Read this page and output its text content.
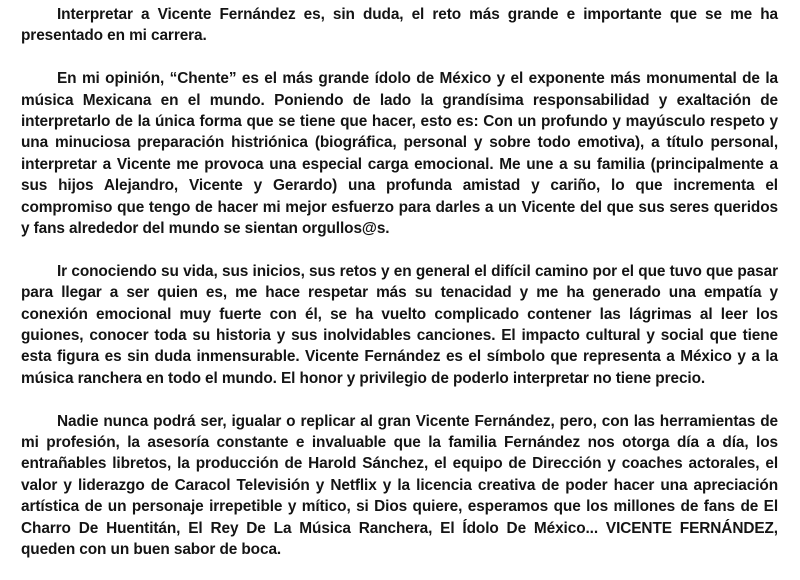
Interpretar a Vicente Fernández es, sin duda, el reto más grande e importante que se me ha presentado en mi carrera.

En mi opinión, “Chente” es el más grande ídolo de México y el exponente más monumental de la música Mexicana en el mundo. Poniendo de lado la grandísima responsabilidad y exaltación de interpretarlo de la única forma que se tiene que hacer, esto es: Con un profundo y mayúsculo respeto y una minuciosa preparación histriónica (biográfica, personal y sobre todo emotiva), a título personal, interpretar a Vicente me provoca una especial carga emocional. Me une a su familia (principalmente a sus hijos Alejandro, Vicente y Gerardo) una profunda amistad y cariño, lo que incrementa el compromiso que tengo de hacer mi mejor esfuerzo para darles a un Vicente del que sus seres queridos y fans alrededor del mundo se sientan orgullos@s.

Ir conociendo su vida, sus inicios, sus retos y en general el difícil camino por el que tuvo que pasar para llegar a ser quien es, me hace respetar más su tenacidad y me ha generado una empatía y conexión emocional muy fuerte con él, se ha vuelto complicado contener las lágrimas al leer los guiones, conocer toda su historia y sus inolvidables canciones. El impacto cultural y social que tiene esta figura es sin duda inmensurable. Vicente Fernández es el símbolo que representa a México y a la música ranchera en todo el mundo. El honor y privilegio de poderlo interpretar no tiene precio.

Nadie nunca podrá ser, igualar o replicar al gran Vicente Fernández, pero, con las herramientas de mi profesión, la asesoría constante e invaluable que la familia Fernández nos otorga día a día, los entrañables libretos, la producción de Harold Sánchez, el equipo de Dirección y coaches actorales, el valor y liderazgo de Caracol Televisión y Netflix y la licencia creativa de poder hacer una apreciación artística de un personaje irrepetible y mítico, si Dios quiere, esperamos que los millones de fans de El Charro De Huentitán, El Rey De La Música Ranchera, El Ídolo De México... VICENTE FERNÁNDEZ, queden con un buen sabor de boca.
